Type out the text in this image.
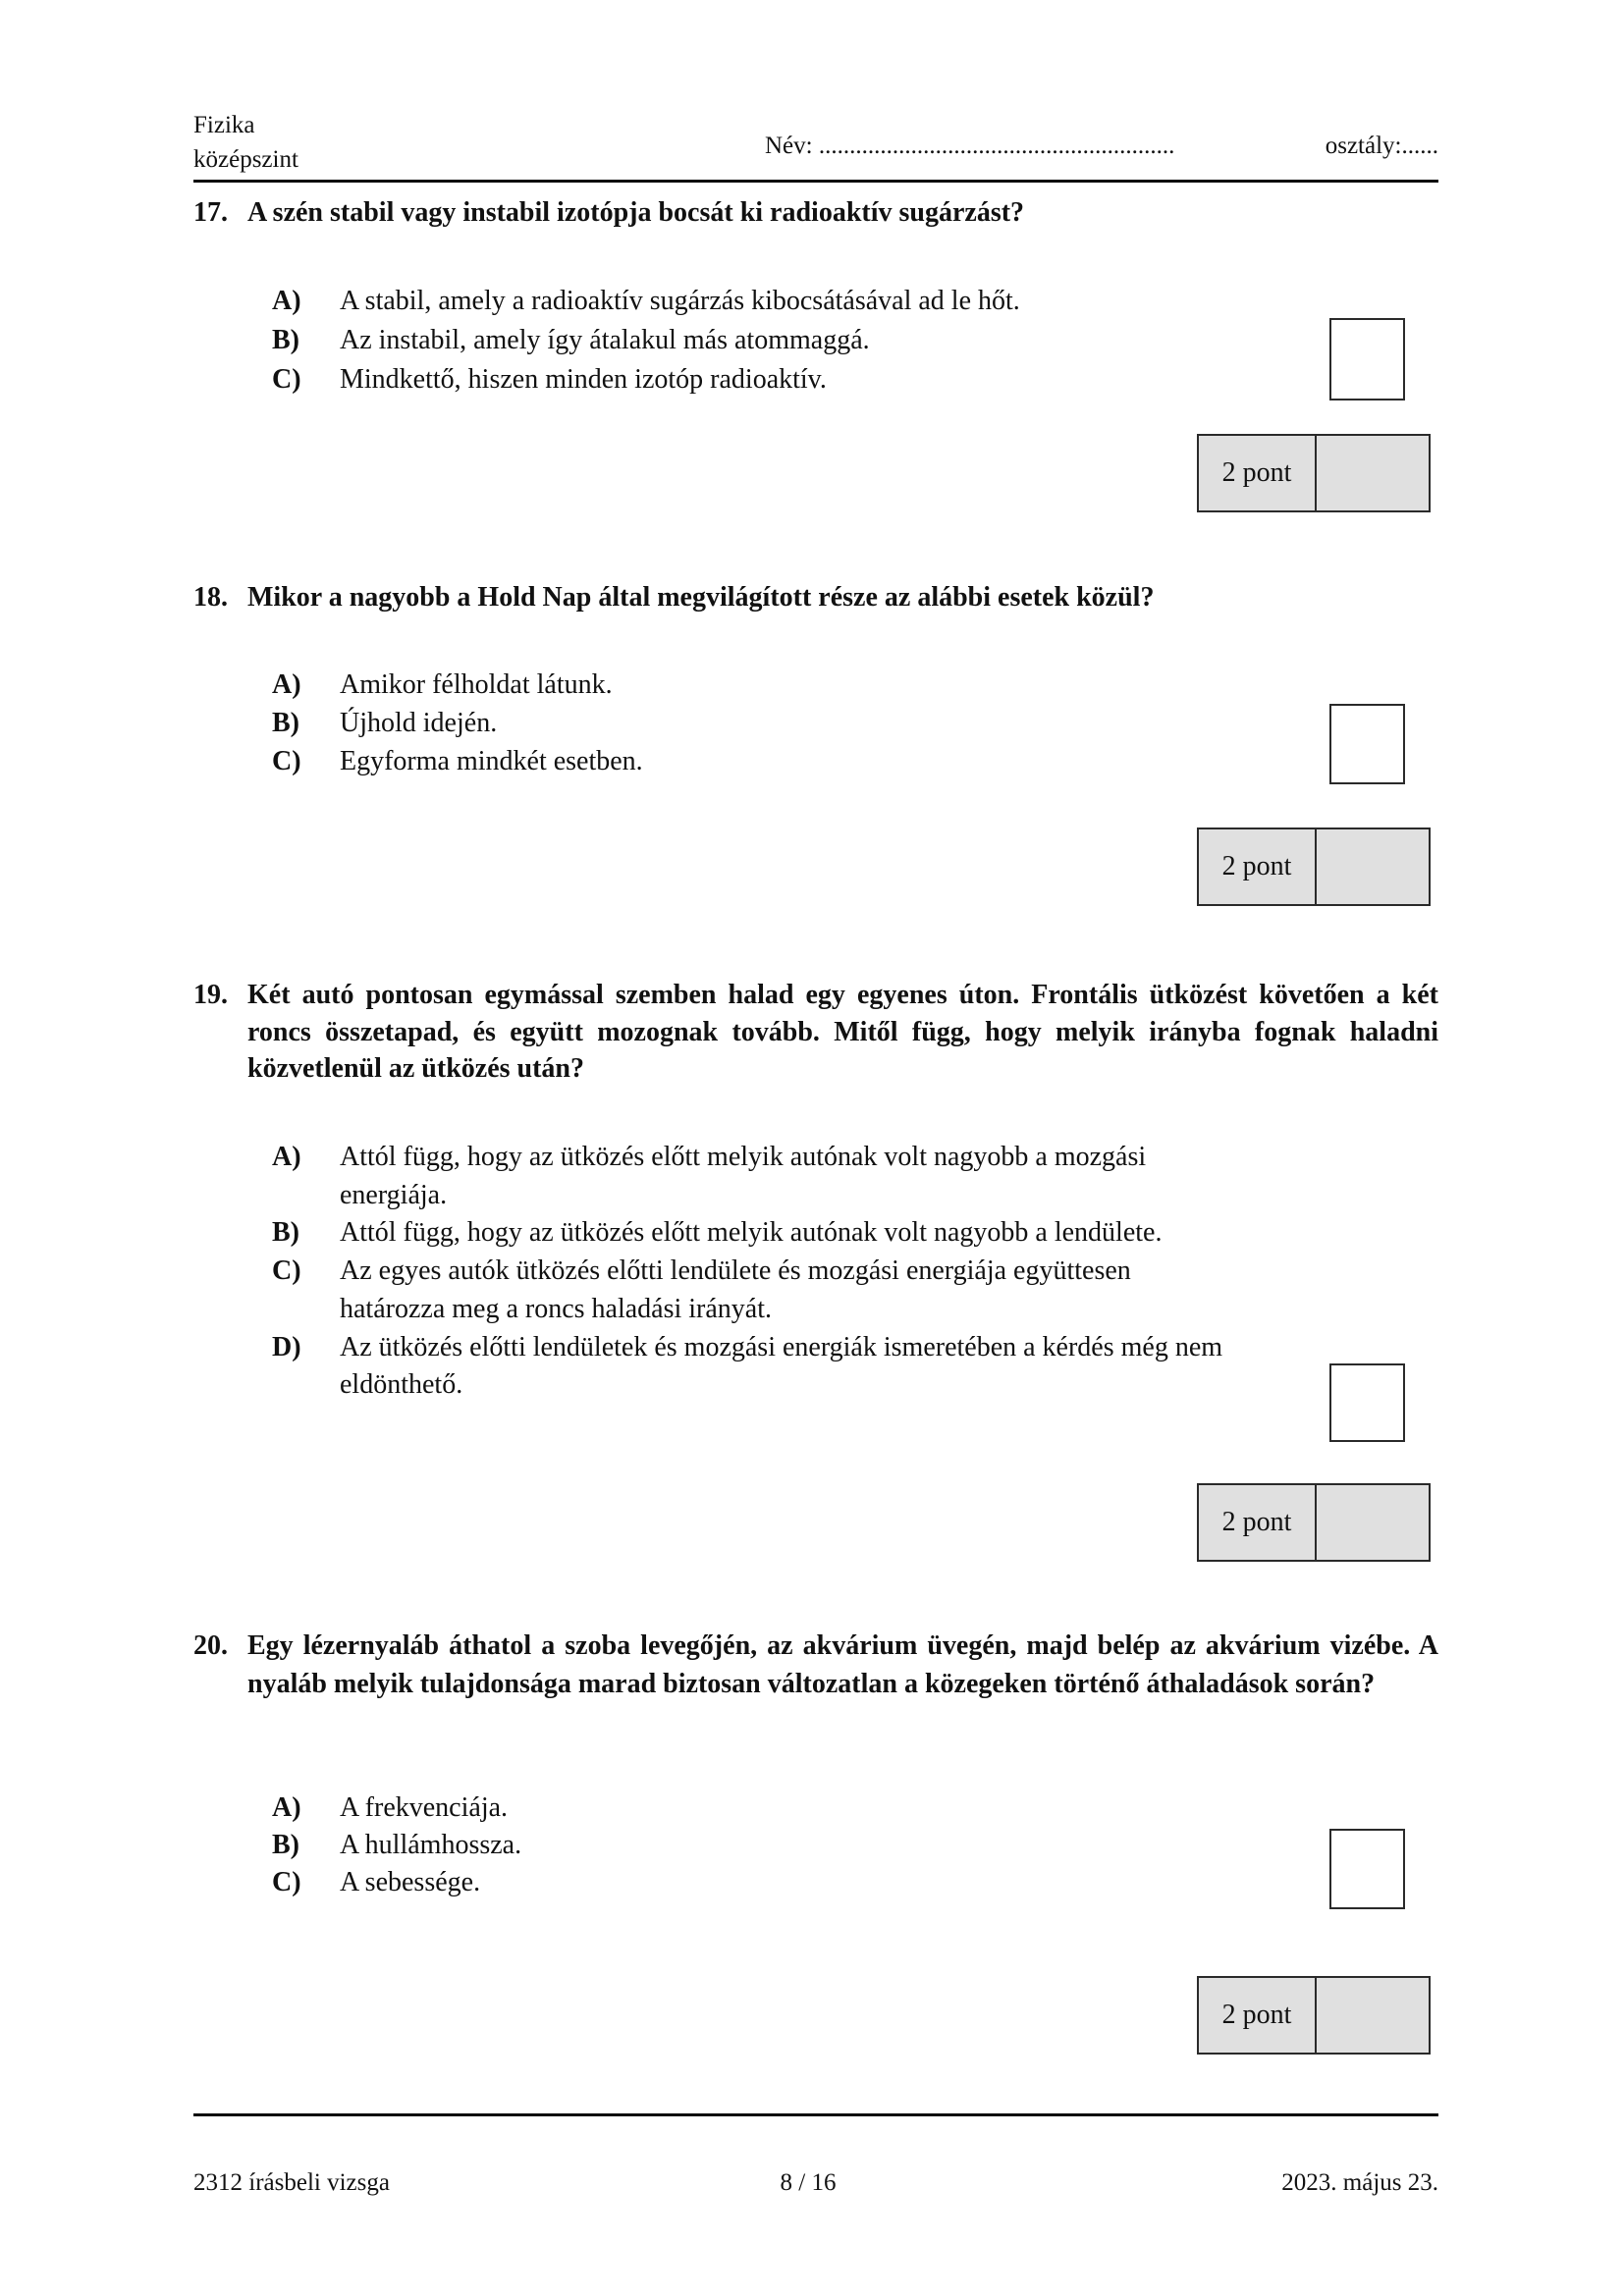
Fizika
középszint
Név: ..........................................................	osztály:......
17. A szén stabil vagy instabil izotópja bocsát ki radioaktív sugárzást?
A) A stabil, amely a radioaktív sugárzás kibocsátásával ad le hőt.
B) Az instabil, amely így átalakul más atommaggá.
C) Mindkettő, hiszen minden izotóp radioaktív.
2 pont
18. Mikor a nagyobb a Hold Nap által megvilágított része az alábbi esetek közül?
A) Amikor félholdat látunk.
B) Újhold idején.
C) Egyforma mindkét esetben.
2 pont
19. Két autó pontosan egymással szemben halad egy egyenes úton. Frontális ütközést követően a két roncs összetapad, és együtt mozognak tovább. Mitől függ, hogy melyik irányba fognak haladni közvetlenül az ütközés után?
A) Attól függ, hogy az ütközés előtt melyik autónak volt nagyobb a mozgási energiája.
B) Attól függ, hogy az ütközés előtt melyik autónak volt nagyobb a lendülete.
C) Az egyes autók ütközés előtti lendülete és mozgási energiája együttesen határozza meg a roncs haladási irányát.
D) Az ütközés előtti lendületek és mozgási energiák ismeretében a kérdés még nem eldönthető.
2 pont
20. Egy lézernyaláb áthatol a szoba levegőjén, az akvárium üvegén, majd belép az akvárium vizébe. A nyaláb melyik tulajdonsága marad biztosan változatlan a közegeken történő áthaladások során?
A) A frekvenciája.
B) A hullámhossza.
C) A sebessége.
2 pont
2312 írásbeli vizsga	8 / 16	2023. május 23.
